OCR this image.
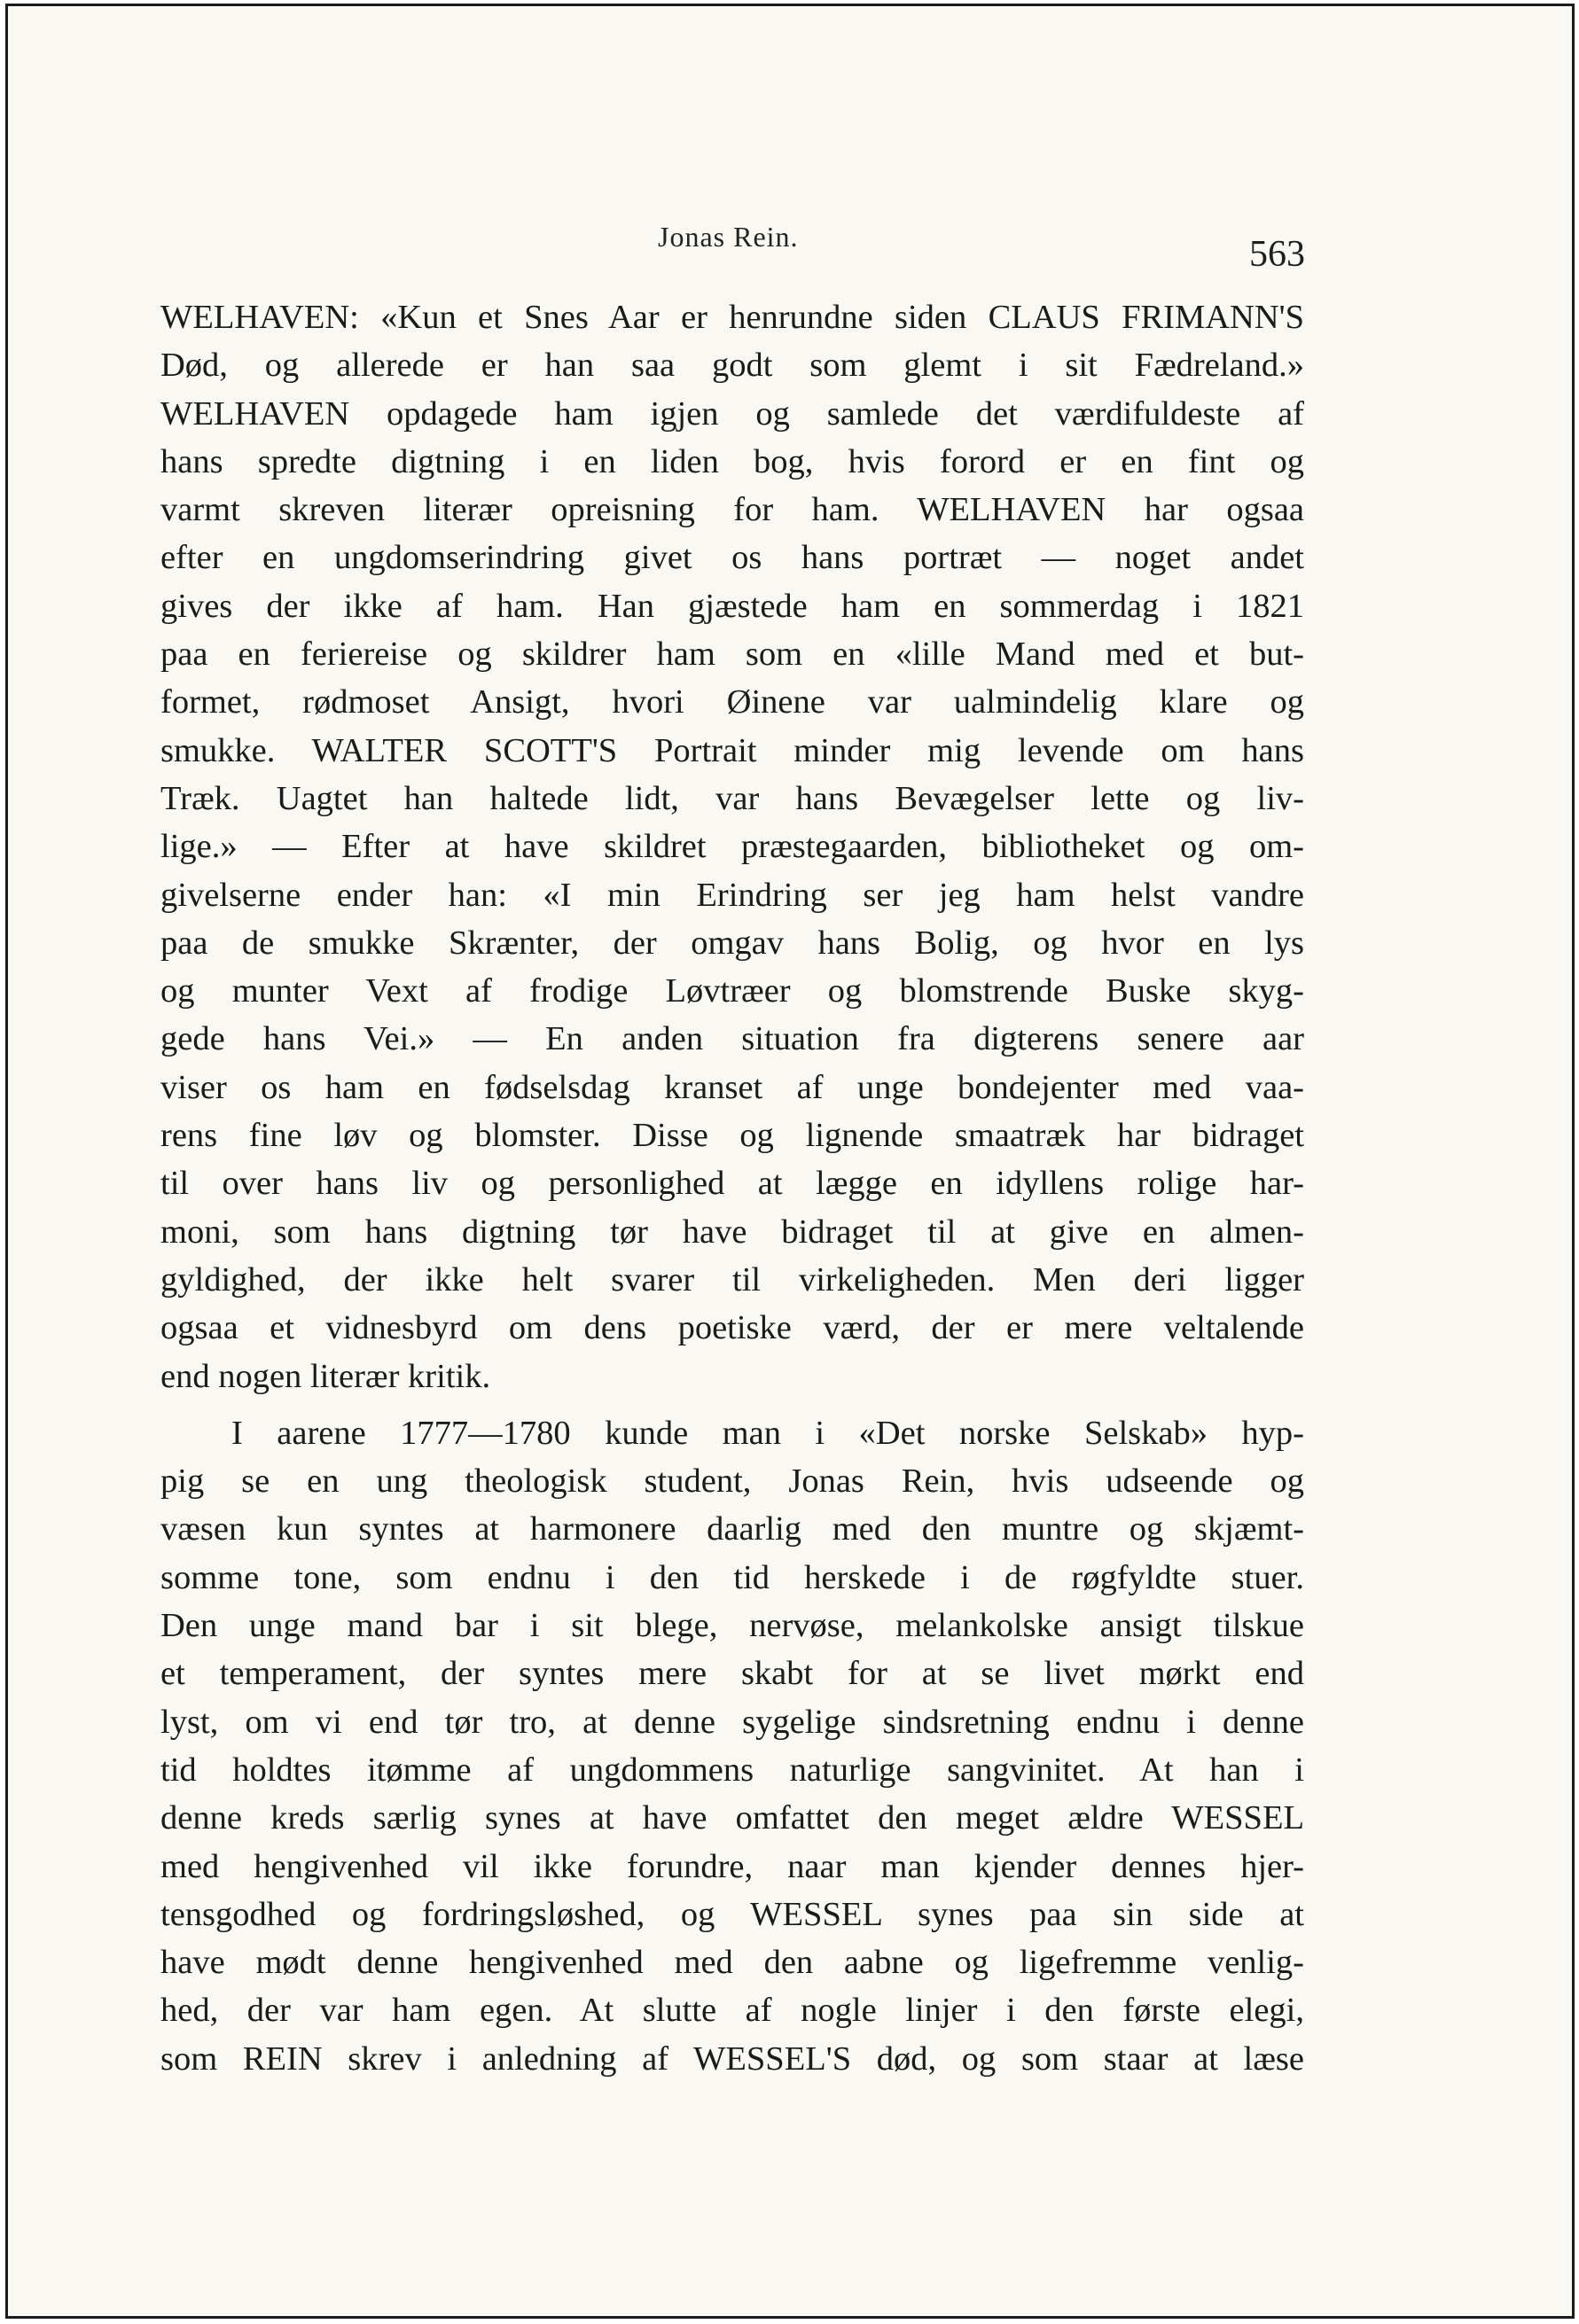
Jonas Rein.	563
WELHAVEN: «Kun et Snes Aar er henrundne siden CLAUS FRIMANN'S
Død, og allerede er han saa godt som glemt i sit Fædreland.»
WELHAVEN opdagede ham igjen og samlede det værdifuldeste af
hans spredte digtning i en liden bog, hvis forord er en fint og
varmt skreven literær opreisning for ham. WELHAVEN har ogsaa
efter en ungdomserindring givet os hans portræt — noget andet
gives der ikke af ham. Han gjæstede ham en sommerdag i 1821
paa en feriereise og skildrer ham som en «lille Mand med et but-
formet, rødmoset Ansigt, hvori Øinene var ualmindelig klare og
smukke. WALTER SCOTT'S Portrait minder mig levende om hans
Træk. Uagtet han haltede lidt, var hans Bevægelser lette og liv-
lige.» — Efter at have skildret præstegaarden, bibliotheket og om-
givelserne ender han: «I min Erindring ser jeg ham helst vandre
paa de smukke Skrænter, der omgav hans Bolig, og hvor en lys
og munter Vext af frodige Løvtræer og blomstrende Buske skyg-
gede hans Vei.» — En anden situation fra digterens senere aar
viser os ham en fødselsdag kranset af unge bondejenter med vaa-
rens fine løv og blomster. Disse og lignende smaatræk har bidraget
til over hans liv og personlighed at lægge en idyllens rolige har-
moni, som hans digtning tør have bidraget til at give en almen-
gyldighed, der ikke helt svarer til virkeligheden. Men deri ligger
ogsaa et vidnesbyrd om dens poetiske værd, der er mere veltalende
end nogen literær kritik.
I aarene 1777—1780 kunde man i «Det norske Selskab» hyp-
pig se en ung theologisk student, Jonas Rein, hvis udseende og
væsen kun syntes at harmonere daarlig med den muntre og skjæmt-
somme tone, som endnu i den tid herskede i de røgfyldte stuer.
Den unge mand bar i sit blege, nervøse, melankolske ansigt tilskue
et temperament, der syntes mere skabt for at se livet mørkt end
lyst, om vi end tør tro, at denne sygelige sindsretning endnu i denne
tid holdtes itømme af ungdommens naturlige sangvinitet. At han i
denne kreds særlig synes at have omfattet den meget ældre WESSEL
med hengivenhed vil ikke forundre, naar man kjender dennes hjer-
tensgodhed og fordringsløshed, og WESSEL synes paa sin side at
have mødt denne hengivenhed med den aabne og ligefremme venlig-
hed, der var ham egen. At slutte af nogle linjer i den første elegi,
som REIN skrev i anledning af WESSEL'S død, og som staar at læse
